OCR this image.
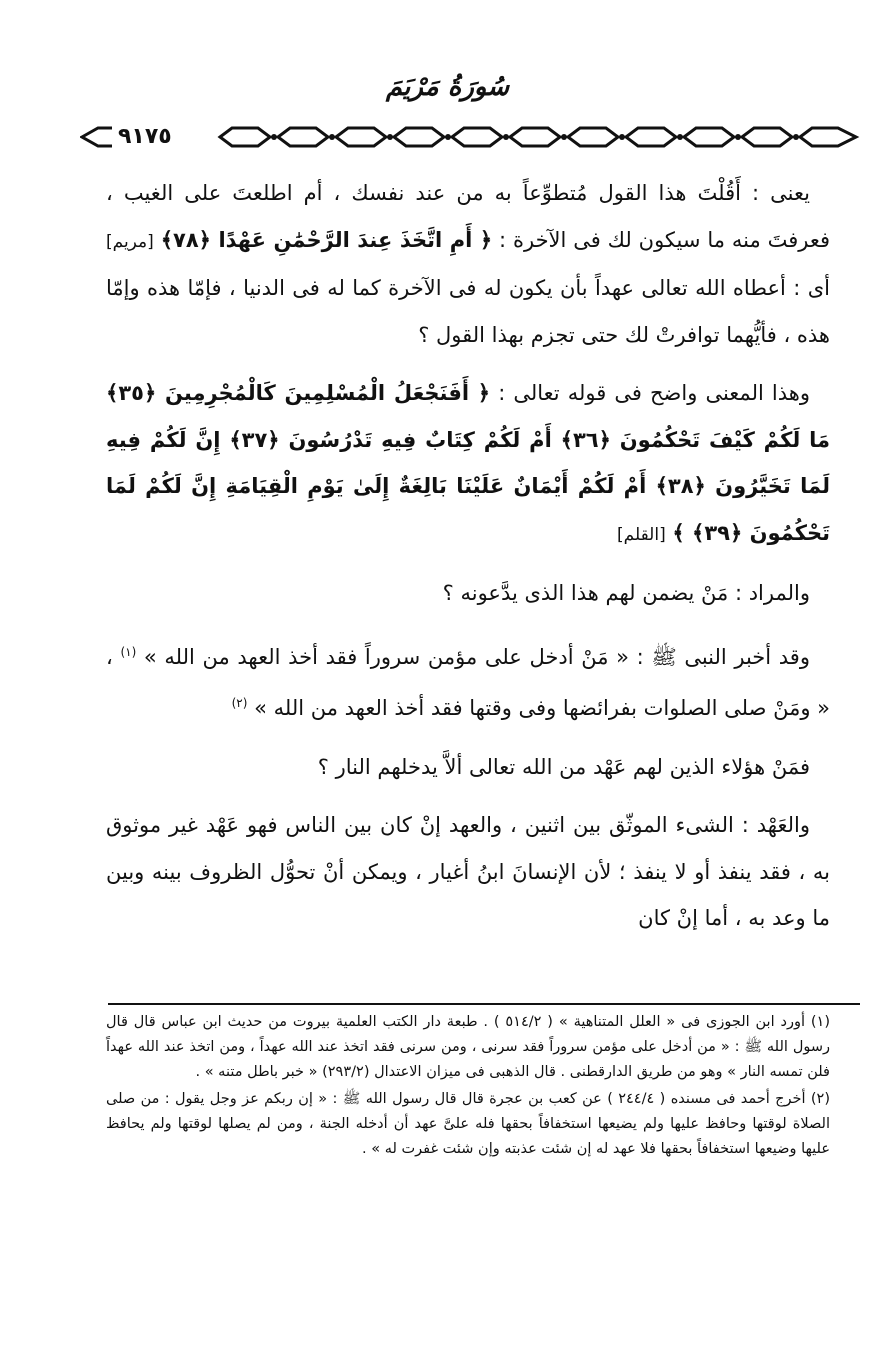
سُورَةُ مَرْيَمَ
٩١٧٥

يعنى : أَقُلْتَ هذا القول مُتطوِّعاً به من عند نفسك ، أم اطلعتَ على الغيب ، فعرفتَ منه ما سيكون لك فى الآخرة : ﴿ أَمِ اتَّخَذَ عِندَ الرَّحْمَٰنِ عَهْدًا ﴿٧٨﴾ [مريم] أى : أعطاه الله تعالى عهداً بأن يكون له فى الآخرة كما له فى الدنيا ، فإمّا هذه وإمّا هذه ، فأيُّهما توافرتْ لك حتى تجزم بهذا القول ؟

وهذا المعنى واضح فى قوله تعالى : ﴿ أَفَنَجْعَلُ الْمُسْلِمِينَ كَالْمُجْرِمِينَ ﴿٣٥﴾ مَا لَكُمْ كَيْفَ تَحْكُمُونَ ﴿٣٦﴾ أَمْ لَكُمْ كِتَابٌ فِيهِ تَدْرُسُونَ ﴿٣٧﴾ إِنَّ لَكُمْ فِيهِ لَمَا تَخَيَّرُونَ ﴿٣٨﴾ أَمْ لَكُمْ أَيْمَانٌ عَلَيْنَا بَالِغَةٌ إِلَىٰ يَوْمِ الْقِيَامَةِ إِنَّ لَكُمْ لَمَا تَحْكُمُونَ ﴿٣٩﴾ ﴾ [القلم]

والمراد : مَنْ يضمن لهم هذا الذى يدَّعونه ؟

وقد أخبر النبى ﷺ : « مَنْ أدخل على مؤمن سروراً فقد أخذ العهد من الله » $^{(١)}$ ، « ومَنْ صلى الصلوات بفرائضها وفى وقتها فقد أخذ العهد من الله » $^{(٢)}$

فمَنْ هؤلاء الذين لهم عَهْد من الله تعالى ألاَّ يدخلهم النار ؟

والعَهْد : الشىء الموثّق بين اثنين ، والعهد إنْ كان بين الناس فهو عَهْد غير موثوق به ، فقد ينفذ أو لا ينفذ ؛ لأن الإنسانَ ابنُ أغيار ، ويمكن أنْ تحوُّل الظروف بينه وبين ما وعد به ، أما إنْ كان

(١) أورد ابن الجوزى فى « العلل المتناهية » ( ٥١٤/٢ ) . طبعة دار الكتب العلمية بيروت من حديث ابن عباس قال قال رسول الله ﷺ : « من أدخل على مؤمن سروراً فقد سرنى ، ومن سرنى فقد اتخذ عند الله عهداً ، ومن اتخذ عند الله عهداً فلن تمسه النار » وهو من طريق الدارقطنى . قال الذهبى فى ميزان الاعتدال (٢٩٣/٢) « خبر باطل متنه » .

(٢) أخرج أحمد فى مسنده ( ٢٤٤/٤ ) عن كعب بن عجرة قال قال رسول الله ﷺ : « إن ربكم عز وجل يقول : من صلى الصلاة لوقتها وحافظ عليها ولم يضيعها استخفافاً بحقها فله علىَّ عهد أن أدخله الجنة ، ومن لم يصلها لوقتها ولم يحافظ عليها وضيعها استخفافاً بحقها فلا عهد له إن شئت عذبته وإن شئت غفرت له » .
